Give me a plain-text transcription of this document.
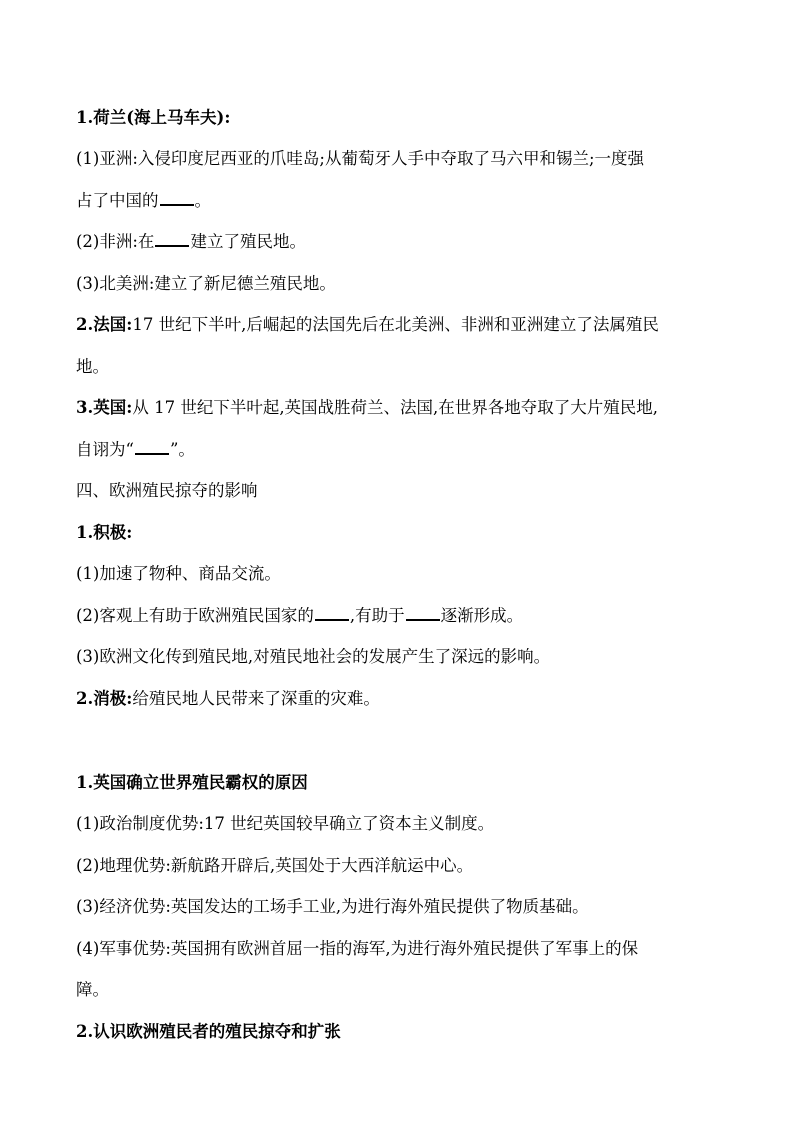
1.荷兰(海上马车夫):
(1)亚洲:入侵印度尼西亚的爪哇岛;从葡萄牙人手中夺取了马六甲和锡兰;一度强
占了中国的 。
(2)非洲:在 建立了殖民地。
(3)北美洲:建立了新尼德兰殖民地。
2.法国:17 世纪下半叶,后崛起的法国先后在北美洲、非洲和亚洲建立了法属殖民
地。
3.英国:从 17 世纪下半叶起,英国战胜荷兰、法国,在世界各地夺取了大片殖民地,
自诩为“ ”。
四、欧洲殖民掠夺的影响
1.积极:
(1)加速了物种、商品交流。
(2)客观上有助于欧洲殖民国家的 ,有助于 逐渐形成。
(3)欧洲文化传到殖民地,对殖民地社会的发展产生了深远的影响。
2.消极:给殖民地人民带来了深重的灾难。
1.英国确立世界殖民霸权的原因
(1)政治制度优势:17 世纪英国较早确立了资本主义制度。
(2)地理优势:新航路开辟后,英国处于大西洋航运中心。
(3)经济优势:英国发达的工场手工业,为进行海外殖民提供了物质基础。
(4)军事优势:英国拥有欧洲首屈一指的海军,为进行海外殖民提供了军事上的保
障。
2.认识欧洲殖民者的殖民掠夺和扩张
